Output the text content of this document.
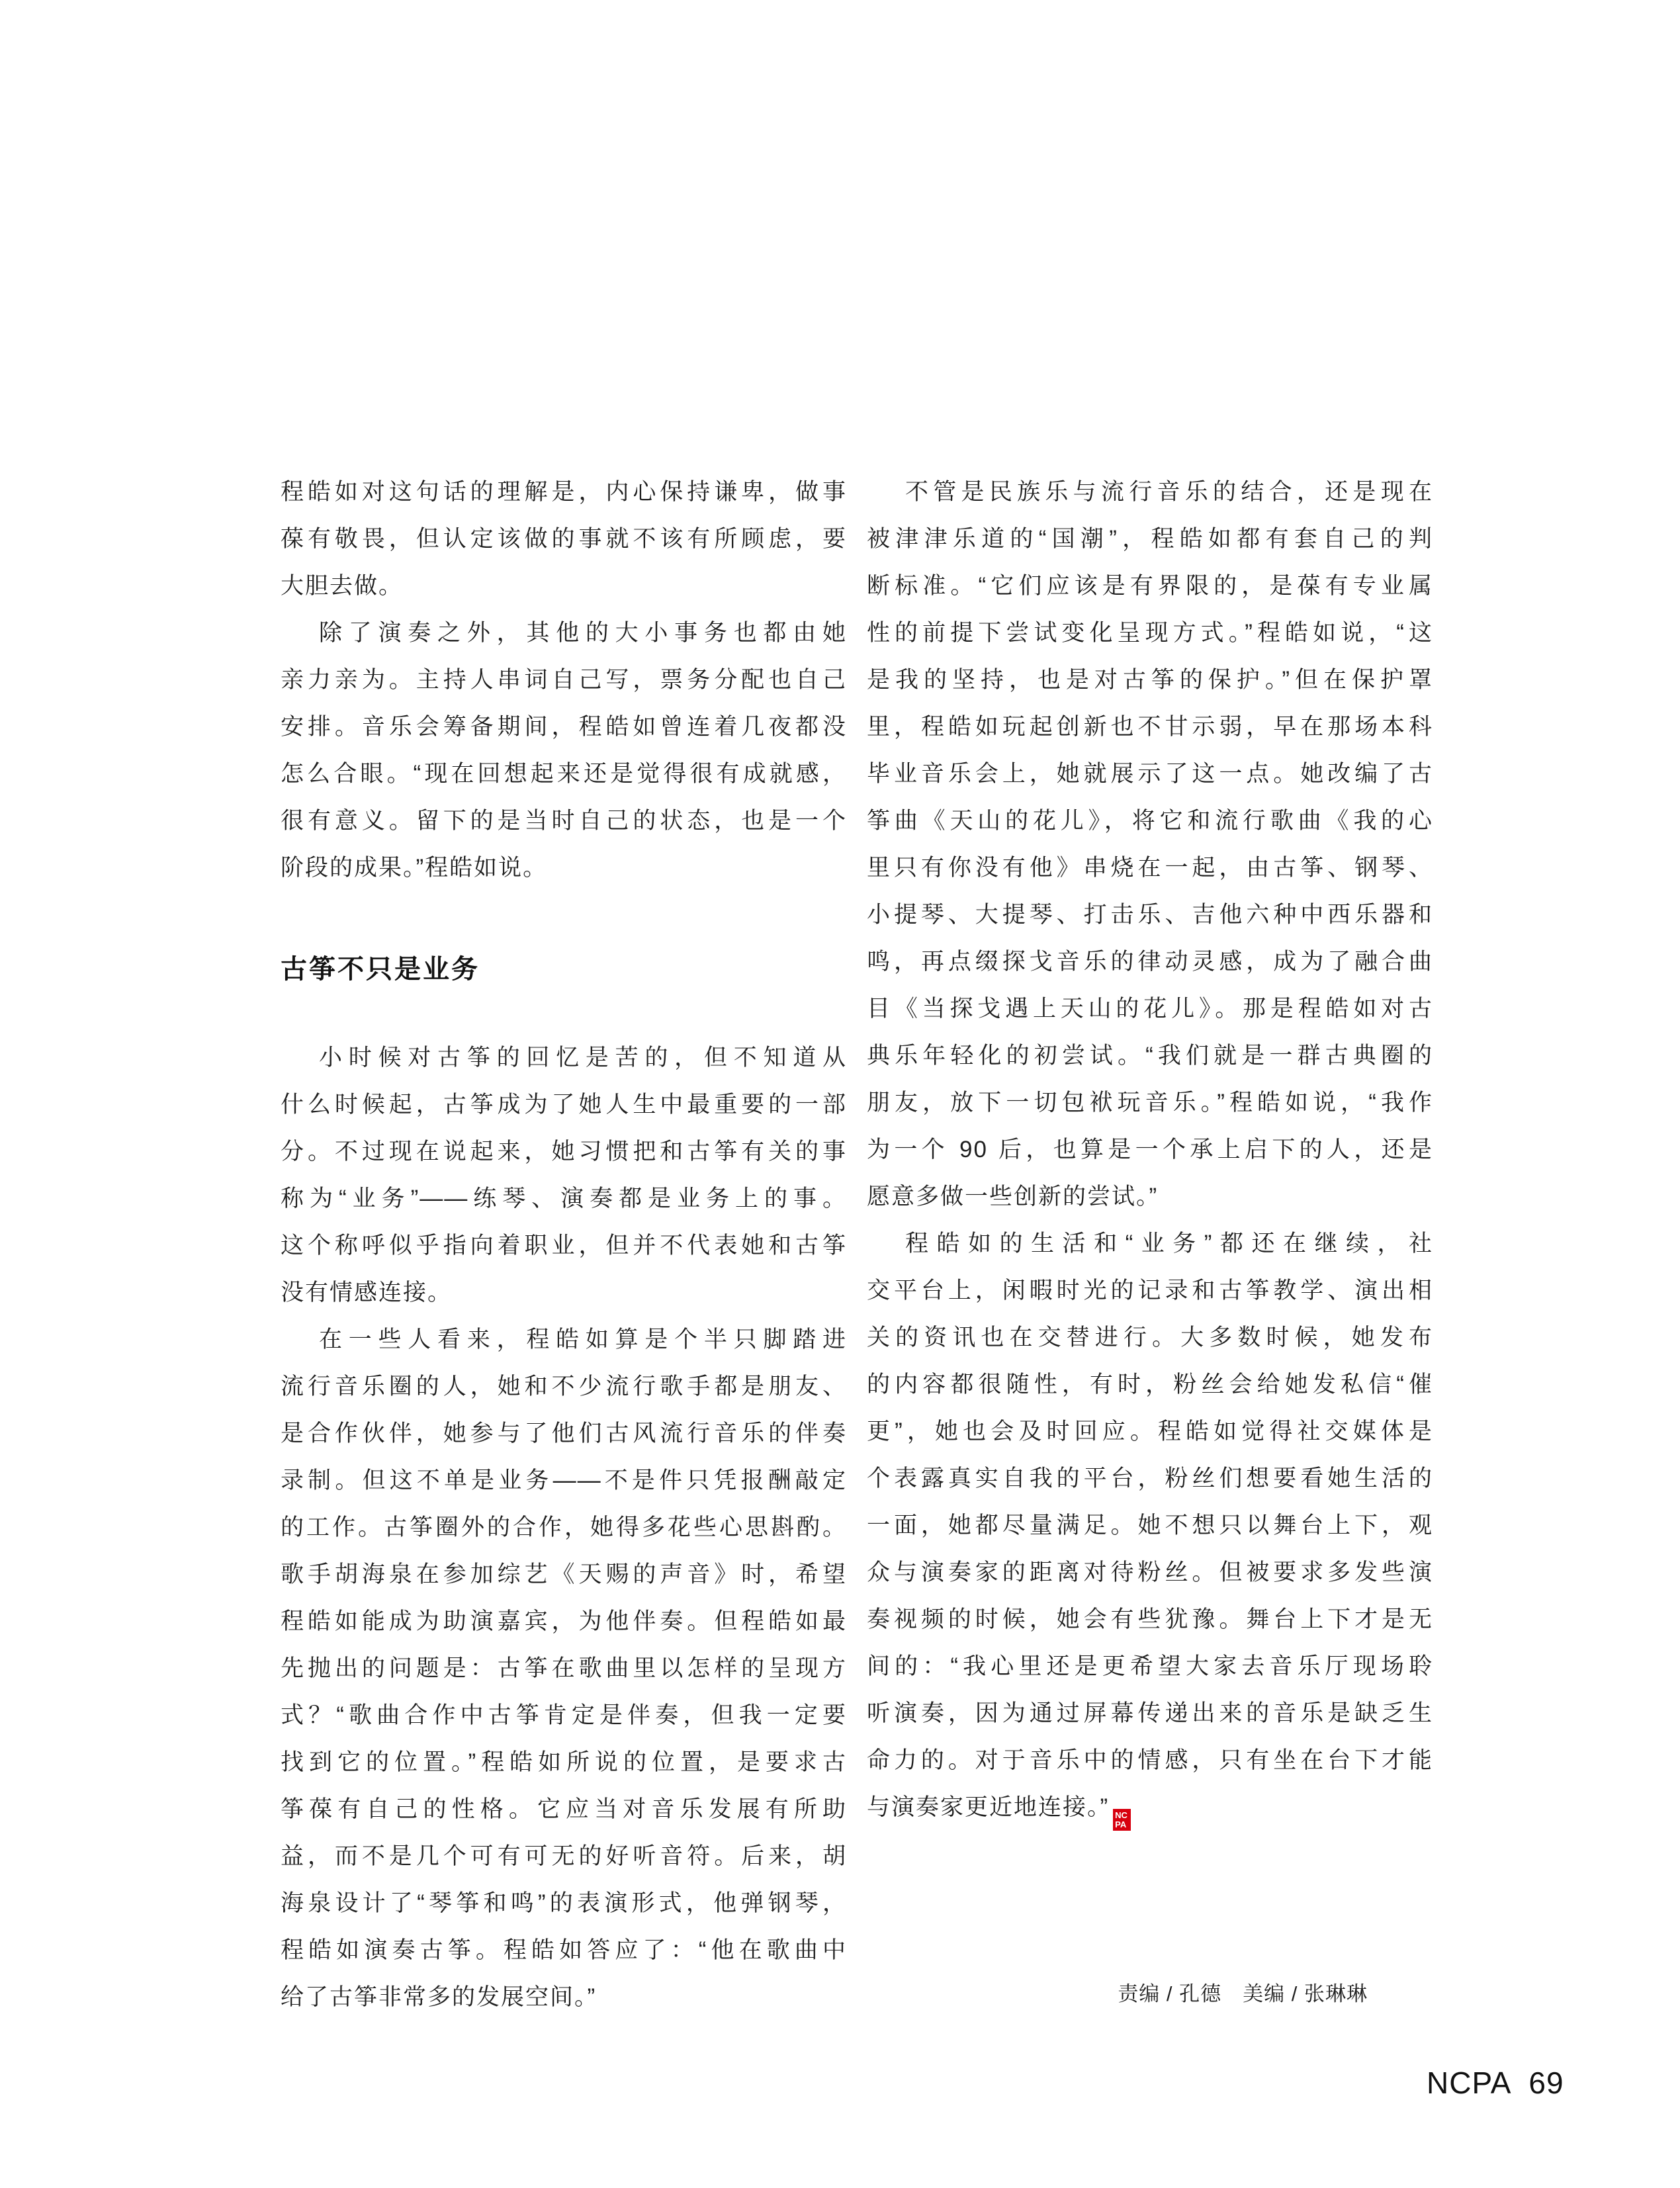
程皓如对这句话的理解是，内心保持谦卑，做事
葆有敬畏，但认定该做的事就不该有所顾虑，要
大胆去做。
除了演奏之外，其他的大小事务也都由她
亲力亲为。主持人串词自己写，票务分配也自己
安排。音乐会筹备期间，程皓如曾连着几夜都没
怎么合眼。“现在回想起来还是觉得很有成就感，
很有意义。留下的是当时自己的状态，也是一个
阶段的成果。”程皓如说。
古筝不只是业务
小时候对古筝的回忆是苦的，但不知道从
什么时候起，古筝成为了她人生中最重要的一部
分。不过现在说起来，她习惯把和古筝有关的事
称为“业务”——练琴、演奏都是业务上的事。
这个称呼似乎指向着职业，但并不代表她和古筝
没有情感连接。
在一些人看来，程皓如算是个半只脚踏进
流行音乐圈的人，她和不少流行歌手都是朋友、
是合作伙伴，她参与了他们古风流行音乐的伴奏
录制。但这不单是业务——不是件只凭报酬敲定
的工作。古筝圈外的合作，她得多花些心思斟酌。
歌手胡海泉在参加综艺《天赐的声音》时，希望
程皓如能成为助演嘉宾，为他伴奏。但程皓如最
先抛出的问题是：古筝在歌曲里以怎样的呈现方
式？“歌曲合作中古筝肯定是伴奏，但我一定要
找到它的位置。”程皓如所说的位置，是要求古
筝葆有自己的性格。它应当对音乐发展有所助
益，而不是几个可有可无的好听音符。后来，胡
海泉设计了“琴筝和鸣”的表演形式，他弹钢琴，
程皓如演奏古筝。程皓如答应了：“他在歌曲中
给了古筝非常多的发展空间。”
不管是民族乐与流行音乐的结合，还是现在
被津津乐道的“国潮”，程皓如都有套自己的判
断标准。“它们应该是有界限的，是葆有专业属
性的前提下尝试变化呈现方式。”程皓如说，“这
是我的坚持，也是对古筝的保护。”但在保护罩
里，程皓如玩起创新也不甘示弱，早在那场本科
毕业音乐会上，她就展示了这一点。她改编了古
筝曲《天山的花儿》，将它和流行歌曲《我的心
里只有你没有他》串烧在一起，由古筝、钢琴、
小提琴、大提琴、打击乐、吉他六种中西乐器和
鸣，再点缀探戈音乐的律动灵感，成为了融合曲
目《当探戈遇上天山的花儿》。那是程皓如对古
典乐年轻化的初尝试。“我们就是一群古典圈的
朋友，放下一切包袱玩音乐。”程皓如说，“我作
为一个 90 后，也算是一个承上启下的人，还是
愿意多做一些创新的尝试。”
程皓如的生活和“业务”都还在继续，社
交平台上，闲暇时光的记录和古筝教学、演出相
关的资讯也在交替进行。大多数时候，她发布
的内容都很随性，有时，粉丝会给她发私信“催
更”，她也会及时回应。程皓如觉得社交媒体是
个表露真实自我的平台，粉丝们想要看她生活的
一面，她都尽量满足。她不想只以舞台上下，观
众与演奏家的距离对待粉丝。但被要求多发些演
奏视频的时候，她会有些犹豫。舞台上下才是无
间的：“我心里还是更希望大家去音乐厅现场聆
听演奏，因为通过屏幕传递出来的音乐是缺乏生
命力的。对于音乐中的情感，只有坐在台下才能
与演奏家更近地连接。” NC
PA
责编 / 孔德　美编 / 张琳琳
NCPA 69
